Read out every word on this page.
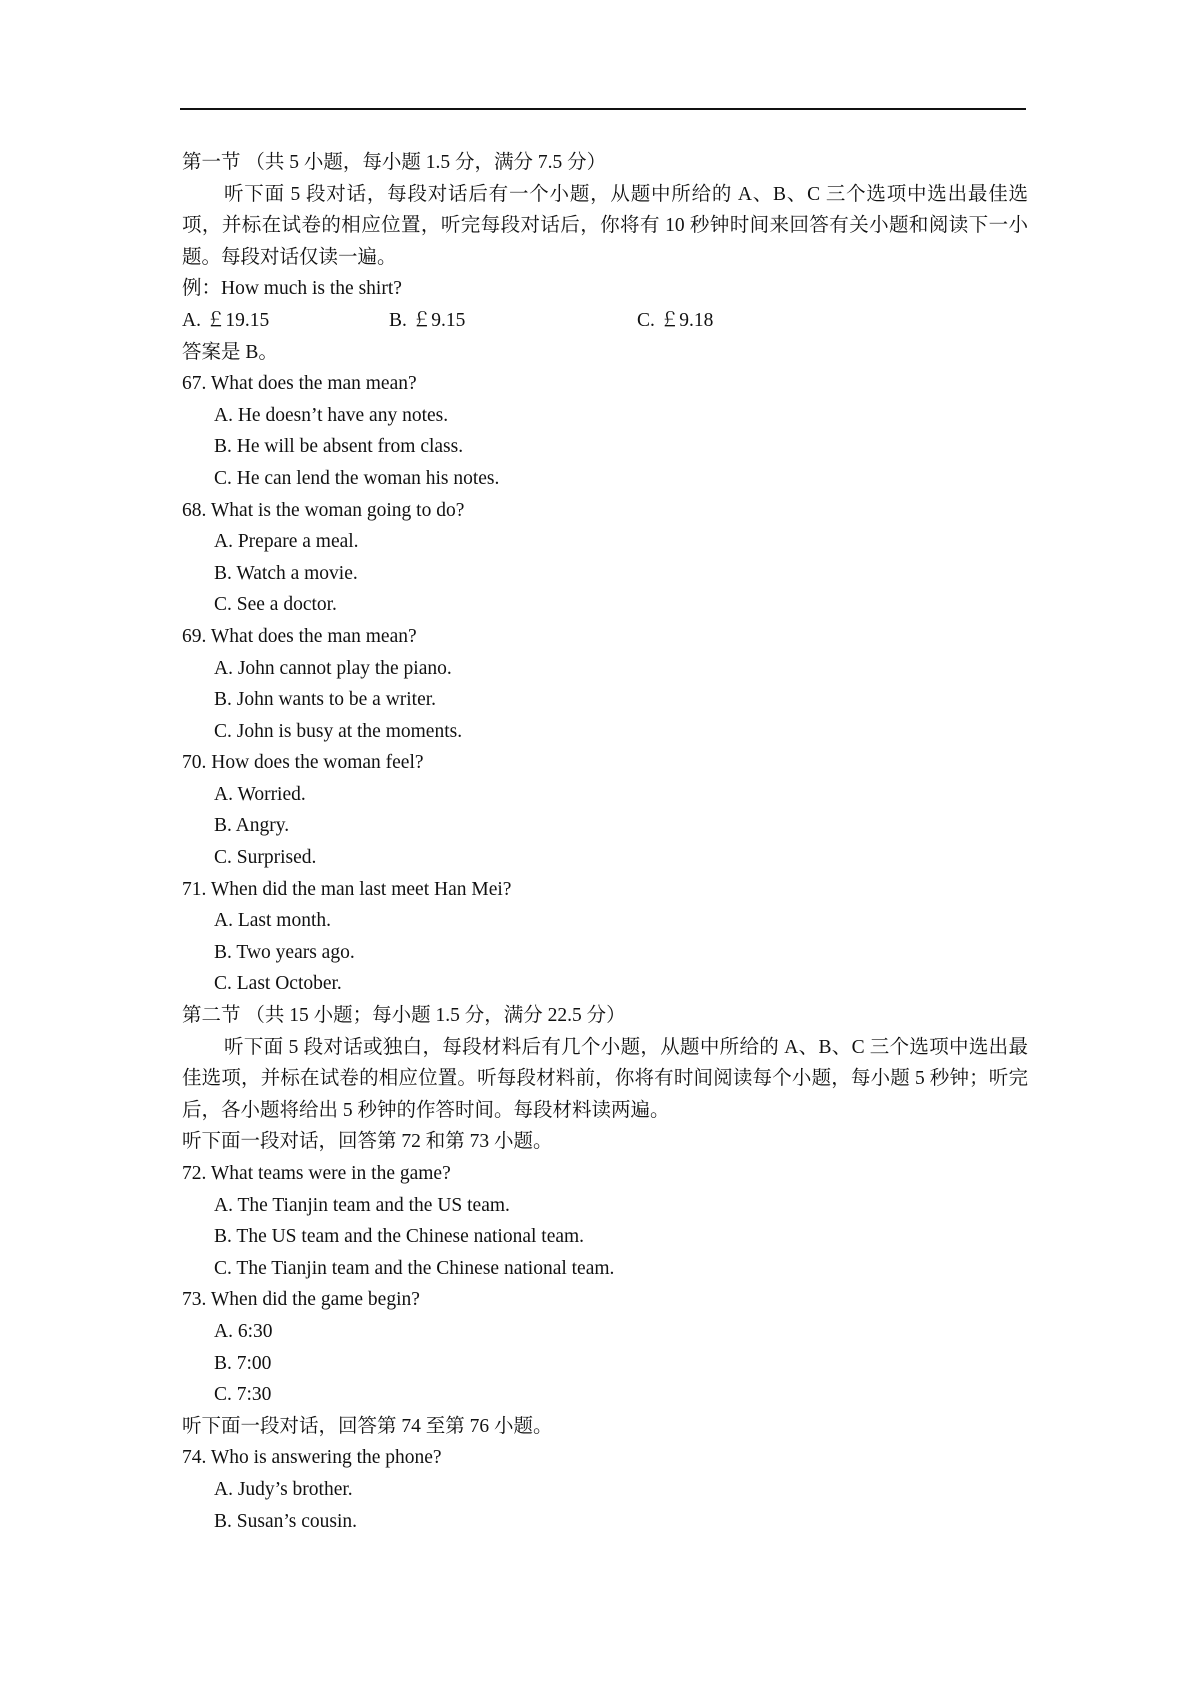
第一节 （共 5 小题，每小题 1.5 分，满分 7.5 分）
听下面 5 段对话，每段对话后有一个小题，从题中所给的 A、B、C 三个选项中选出最佳选项，并标在试卷的相应位置，听完每段对话后，你将有 10 秒钟时间来回答有关小题和阅读下一小题。每段对话仅读一遍。
例：How much is the shirt?
A. ￡19.15	B. ￡9.15	C. ￡9.18
答案是 B。
67. What does the man mean?
A. He doesn’t have any notes.
B. He will be absent from class.
C. He can lend the woman his notes.
68. What is the woman going to do?
A. Prepare a meal.
B. Watch a movie.
C. See a doctor.
69. What does the man mean?
A. John cannot play the piano.
B. John wants to be a writer.
C. John is busy at the moments.
70. How does the woman feel?
A. Worried.
B. Angry.
C. Surprised.
71. When did the man last meet Han Mei?
A. Last month.
B. Two years ago.
C. Last October.
第二节 （共 15 小题；每小题 1.5 分，满分 22.5 分）
听下面 5 段对话或独白，每段材料后有几个小题，从题中所给的 A、B、C 三个选项中选出最佳选项，并标在试卷的相应位置。听每段材料前，你将有时间阅读每个小题，每小题 5 秒钟；听完后，各小题将给出 5 秒钟的作答时间。每段材料读两遍。
听下面一段对话，回答第 72 和第 73 小题。
72. What teams were in the game?
A. The Tianjin team and the US team.
B. The US team and the Chinese national team.
C. The Tianjin team and the Chinese national team.
73. When did the game begin?
A. 6:30
B. 7:00
C. 7:30
听下面一段对话，回答第 74 至第 76 小题。
74. Who is answering the phone?
A. Judy’s brother.
B. Susan’s cousin.
